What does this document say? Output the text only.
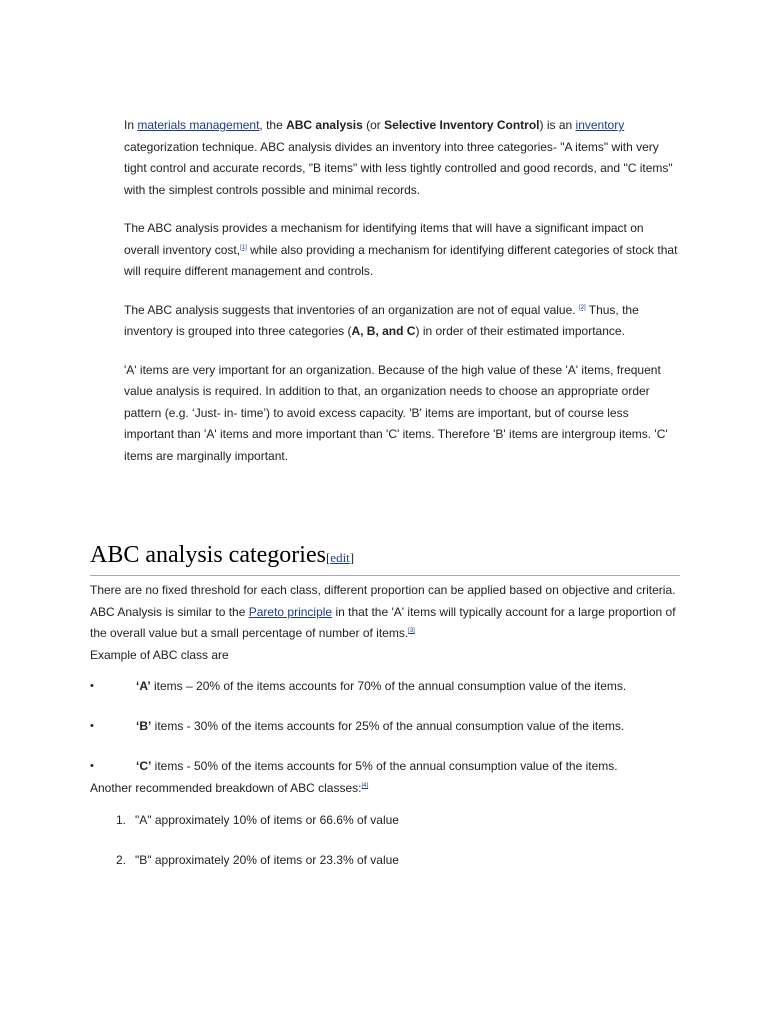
In materials management, the ABC analysis (or Selective Inventory Control) is an inventory categorization technique. ABC analysis divides an inventory into three categories- "A items" with very tight control and accurate records, "B items" with less tightly controlled and good records, and "C items" with the simplest controls possible and minimal records.

The ABC analysis provides a mechanism for identifying items that will have a significant impact on overall inventory cost,[1] while also providing a mechanism for identifying different categories of stock that will require different management and controls.

The ABC analysis suggests that inventories of an organization are not of equal value. [2] Thus, the inventory is grouped into three categories (A, B, and C) in order of their estimated importance.

'A' items are very important for an organization. Because of the high value of these 'A' items, frequent value analysis is required. In addition to that, an organization needs to choose an appropriate order pattern (e.g. ‘Just- in- time’) to avoid excess capacity. 'B' items are important, but of course less important than 'A' items and more important than 'C' items. Therefore 'B' items are intergroup items. 'C' items are marginally important.

ABC analysis categories[edit]

There are no fixed threshold for each class, different proportion can be applied based on objective and criteria. ABC Analysis is similar to the Pareto principle in that the 'A' items will typically account for a large proportion of the overall value but a small percentage of number of items.[3]

Example of ABC class are

•	‘A’ items – 20% of the items accounts for 70% of the annual consumption value of the items.
•	‘B’ items - 30% of the items accounts for 25% of the annual consumption value of the items.
•	‘C’ items - 50% of the items accounts for 5% of the annual consumption value of the items.

Another recommended breakdown of ABC classes:[4]

1. "A" approximately 10% of items or 66.6% of value
2. "B" approximately 20% of items or 23.3% of value
